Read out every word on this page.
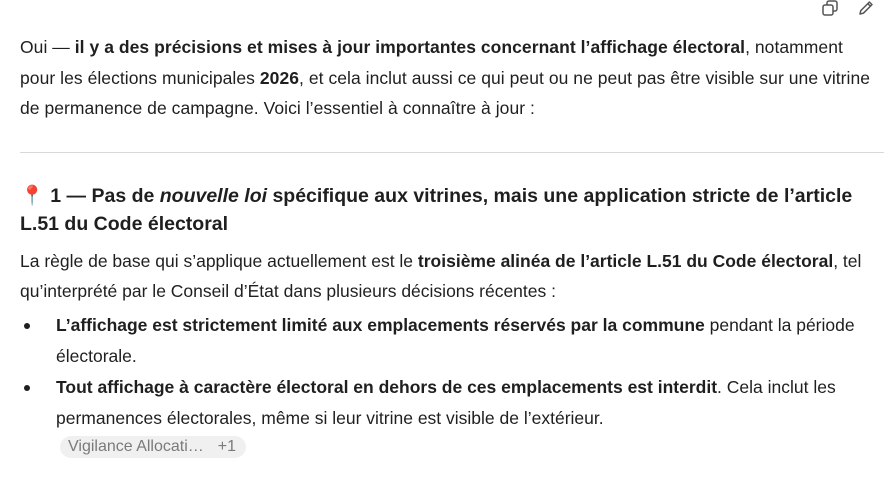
Oui — il y a des précisions et mises à jour importantes concernant l’affichage électoral, notamment pour les élections municipales 2026, et cela inclut aussi ce qui peut ou ne peut pas être visible sur une vitrine de permanence de campagne. Voici l’essentiel à connaître à jour :

📍 1 — Pas de nouvelle loi spécifique aux vitrines, mais une application stricte de l’article L.51 du Code électoral

La règle de base qui s’applique actuellement est le troisième alinéa de l’article L.51 du Code électoral, tel qu’interprété par le Conseil d’État dans plusieurs décisions récentes :

L’affichage est strictement limité aux emplacements réservés par la commune pendant la période électorale.
Tout affichage à caractère électoral en dehors de ces emplacements est interdit. Cela inclut les permanences électorales, même si leur vitrine est visible de l’extérieur.
Vigilance Allocati… +1
